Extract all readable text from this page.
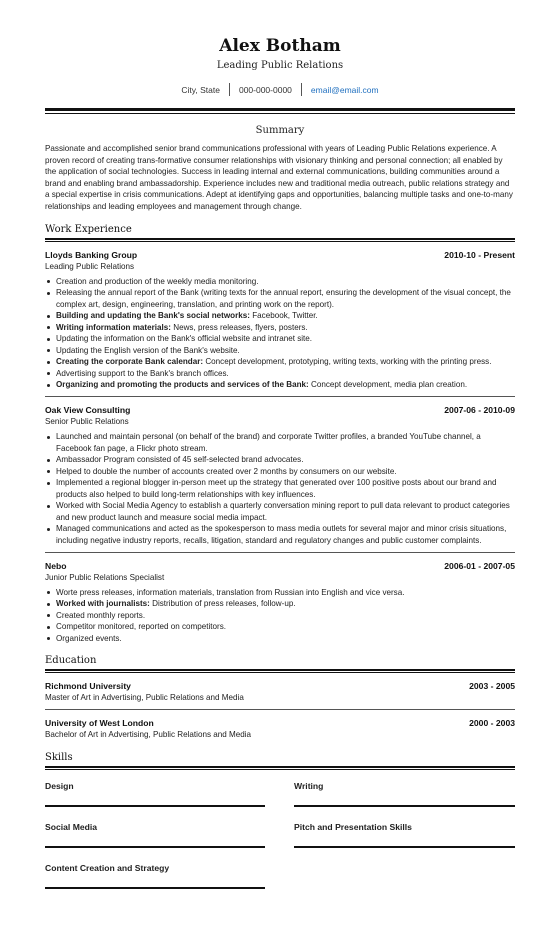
Alex Botham
Leading Public Relations
City, State 000-000-0000 email@email.com
Summary
Passionate and accomplished senior brand communications professional with years of Leading Public Relations experience. A proven record of creating trans-formative consumer relationships with visionary thinking and personal connection; all enabled by the application of social technologies. Success in leading internal and external communications, building communities around a brand and enabling brand ambassadorship. Experience includes new and traditional media outreach, public relations strategy and a special expertise in crisis communications. Adept at identifying gaps and opportunities, balancing multiple tasks and one-to-many relationships and leading employees and management through change.
Work Experience
Lloyds Banking Group	2010-10 - Present
Leading Public Relations
Creation and production of the weekly media monitoring.
Releasing the annual report of the Bank (writing texts for the annual report, ensuring the development of the visual concept, the complex art, design, engineering, translation, and printing work on the report).
Building and updating the Bank's social networks: Facebook, Twitter.
Writing information materials: News, press releases, flyers, posters.
Updating the information on the Bank's official website and intranet site.
Updating the English version of the Bank's website.
Creating the corporate Bank calendar: Concept development, prototyping, writing texts, working with the printing press.
Advertising support to the Bank's branch offices.
Organizing and promoting the products and services of the Bank: Concept development, media plan creation.
Oak View Consulting	2007-06 - 2010-09
Senior Public Relations
Launched and maintain personal (on behalf of the brand) and corporate Twitter profiles, a branded YouTube channel, a Facebook fan page, a Flickr photo stream.
Ambassador Program consisted of 45 self-selected brand advocates.
Helped to double the number of accounts created over 2 months by consumers on our website.
Implemented a regional blogger in-person meet up the strategy that generated over 100 positive posts about our brand and products also helped to build long-term relationships with key influences.
Worked with Social Media Agency to establish a quarterly conversation mining report to pull data relevant to product categories and new product launch and measure social media impact.
Managed communications and acted as the spokesperson to mass media outlets for several major and minor crisis situations, including negative industry reports, recalls, litigation, standard and regulatory changes and public customer complaints.
Nebo	2006-01 - 2007-05
Junior Public Relations Specialist
Worte press releases, information materials, translation from Russian into English and vice versa.
Worked with journalists: Distribution of press releases, follow-up.
Created monthly reports.
Competitor monitored, reported on competitors.
Organized events.
Education
Richmond University	2003 - 2005
Master of Art in Advertising, Public Relations and Media
University of West London	2000 - 2003
Bachelor of Art in Advertising, Public Relations and Media
Skills
Design	Writing
Social Media	Pitch and Presentation Skills
Content Creation and Strategy
